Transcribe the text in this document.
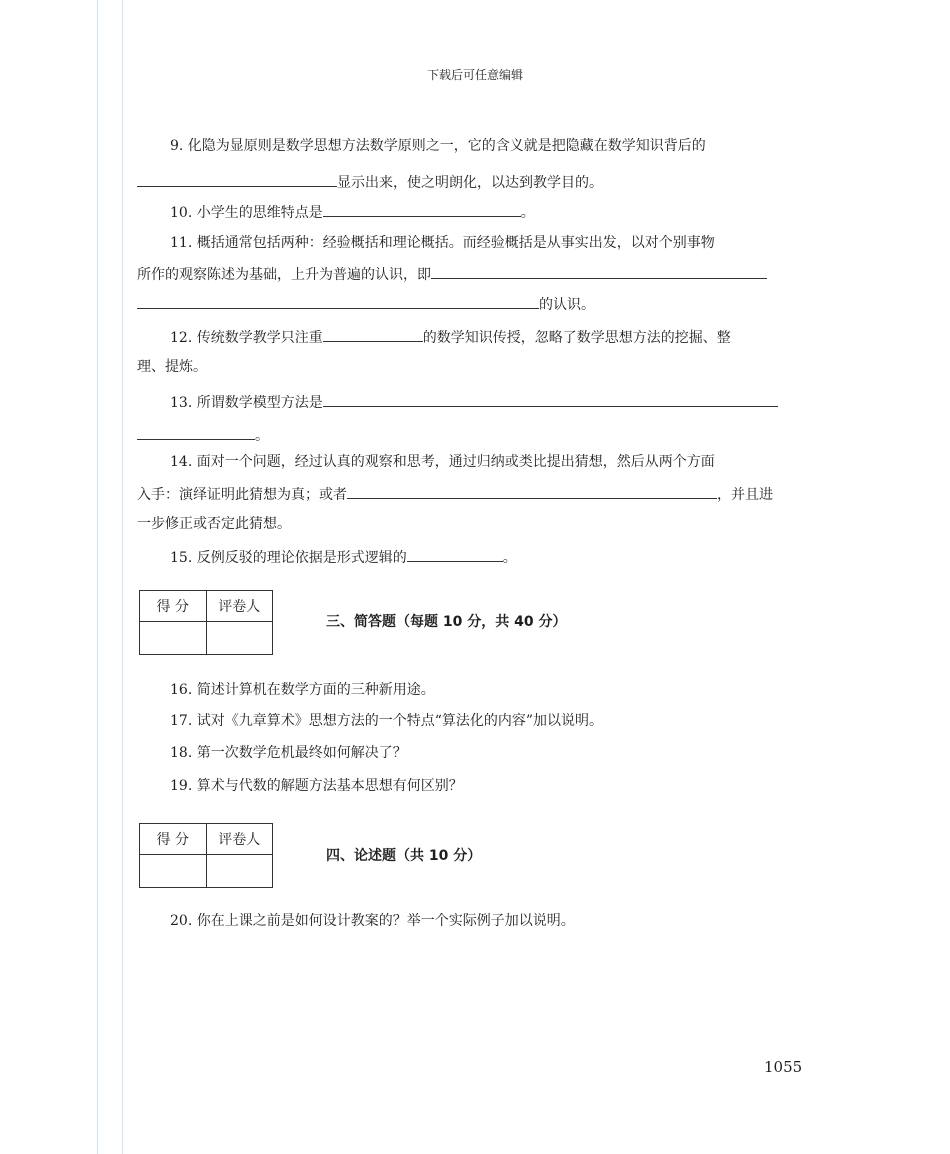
下载后可任意编辑
9. 化隐为显原则是数学思想方法数学原则之一，它的含义就是把隐藏在数学知识背后的
显示出来，使之明朗化，以达到教学目的。
10. 小学生的思维特点是	。
11. 概括通常包括两种：经验概括和理论概括。而经验概括是从事实出发，以对个别事物
所作的观察陈述为基础，上升为普遍的认识，即
的认识。
12. 传统数学教学只注重	的数学知识传授，忽略了数学思想方法的挖掘、整
理、提炼。
13. 所谓数学模型方法是
。
14. 面对一个问题，经过认真的观察和思考，通过归纳或类比提出猜想，然后从两个方面
入手：演绎证明此猜想为真；或者	，并且进
一步修正或否定此猜想。
15. 反例反驳的理论依据是形式逻辑的	。
得 分	评卷人

三、简答题（每题 10 分，共 40 分）
16. 简述计算机在数学方面的三种新用途。
17. 试对《九章算术》思想方法的一个特点“算法化的内容”加以说明。
18. 第一次数学危机最终如何解决了？
19. 算术与代数的解题方法基本思想有何区别？
得 分	评卷人

四、论述题（共 10 分）
20. 你在上课之前是如何设计教案的？举一个实际例子加以说明。
1055
